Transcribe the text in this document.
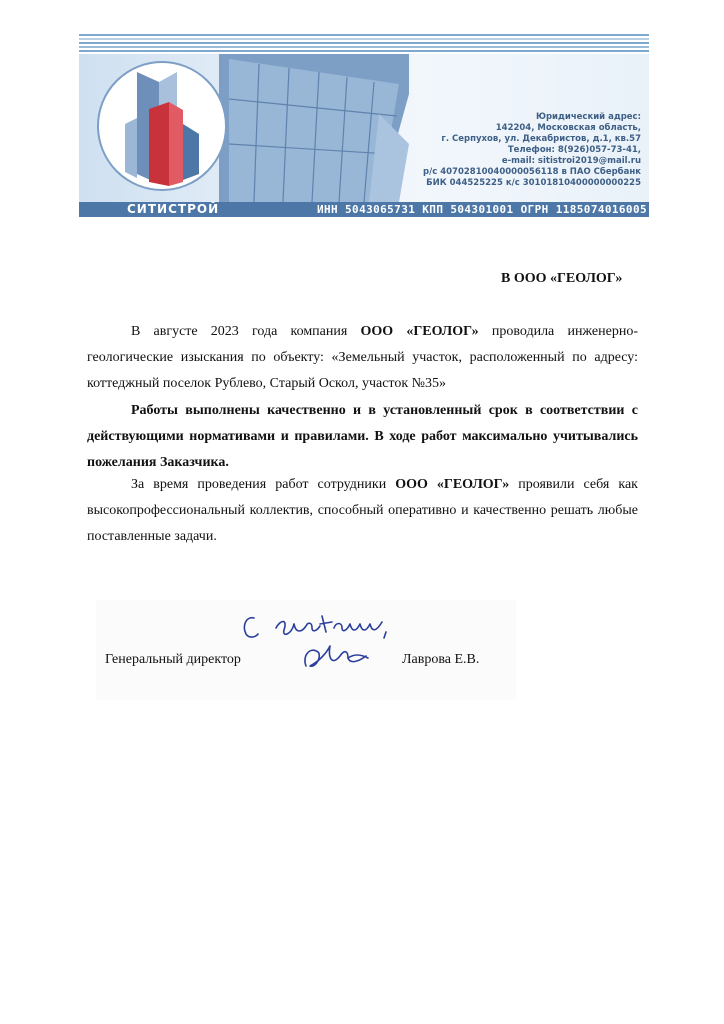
Юридический адрес:
142204, Московская область,
г. Серпухов, ул. Декабристов, д.1, кв.57
Телефон: 8(926)057-73-41,
e-mail: sitistroi2019@mail.ru
р/с 40702810040000056118 в ПАО Сбербанк
БИК 044525225 к/с 30101810400000000225
СИТИСТРОЙ	ИНН 5043065731 КПП 504301001 ОГРН 1185074016005
В ООО «ГЕОЛОГ»

В августе 2023 года компания ООО «ГЕОЛОГ» проводила инженерно-геологические изыскания по объекту: «Земельный участок, расположенный по адресу: коттеджный поселок Рублево, Старый Оскол, участок №35»

Работы выполнены качественно и в установленный срок в соответствии с действующими нормативами и правилами. В ходе работ максимально учитывались пожелания Заказчика.

За время проведения работ сотрудники ООО «ГЕОЛОГ» проявили себя как высокопрофессиональный коллектив, способный оперативно и качественно решать любые поставленные задачи.

Генеральный директор	Лаврова Е.В.
